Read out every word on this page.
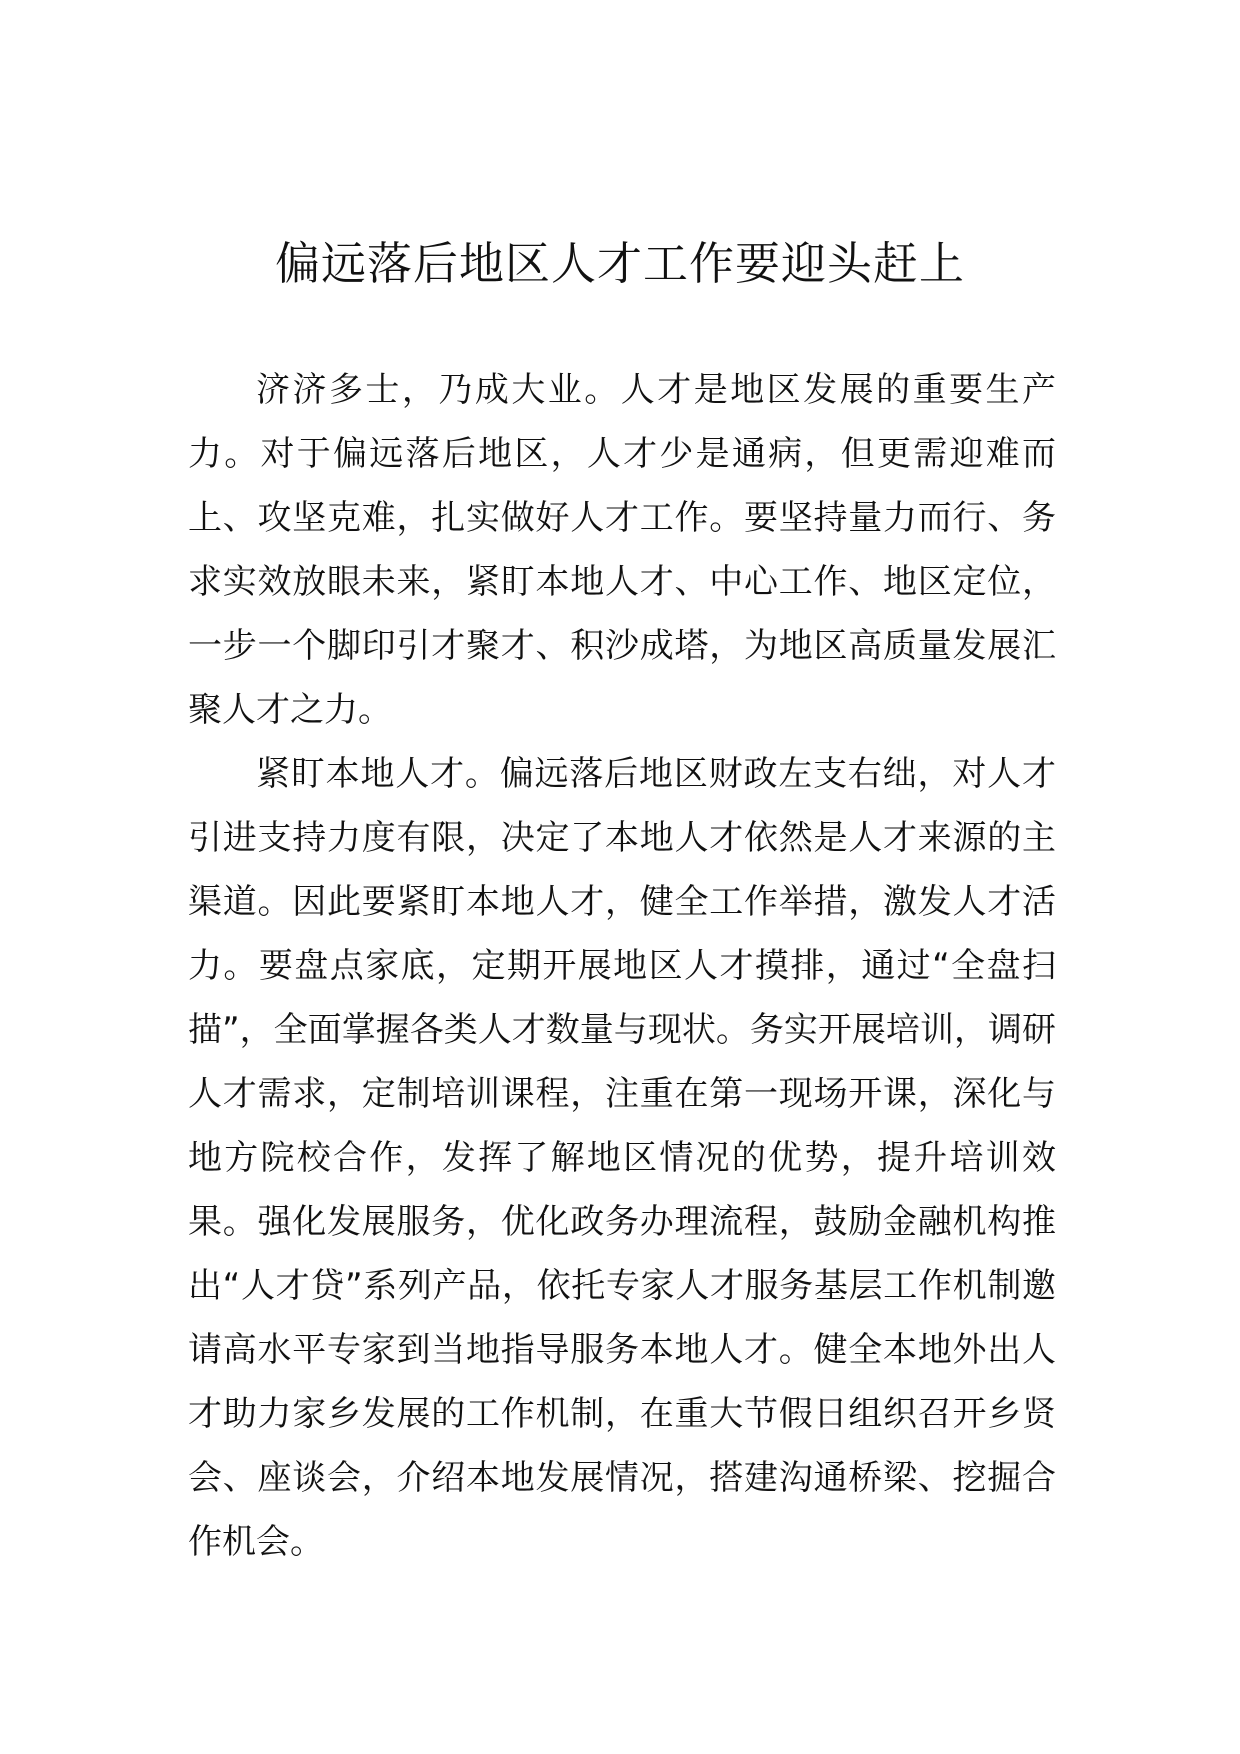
偏远落后地区人才工作要迎头赶上

济济多士，乃成大业。人才是地区发展的重要生产力。对于偏远落后地区，人才少是通病，但更需迎难而上、攻坚克难，扎实做好人才工作。要坚持量力而行、务求实效放眼未来，紧盯本地人才、中心工作、地区定位，一步一个脚印引才聚才、积沙成塔，为地区高质量发展汇聚人才之力。

紧盯本地人才。偏远落后地区财政左支右绌，对人才引进支持力度有限，决定了本地人才依然是人才来源的主渠道。因此要紧盯本地人才，健全工作举措，激发人才活力。要盘点家底，定期开展地区人才摸排，通过“全盘扫描”，全面掌握各类人才数量与现状。务实开展培训，调研人才需求，定制培训课程，注重在第一现场开课，深化与地方院校合作，发挥了解地区情况的优势，提升培训效果。强化发展服务，优化政务办理流程，鼓励金融机构推出“人才贷”系列产品，依托专家人才服务基层工作机制邀请高水平专家到当地指导服务本地人才。健全本地外出人才助力家乡发展的工作机制，在重大节假日组织召开乡贤会、座谈会，介绍本地发展情况，搭建沟通桥梁、挖掘合作机会。
